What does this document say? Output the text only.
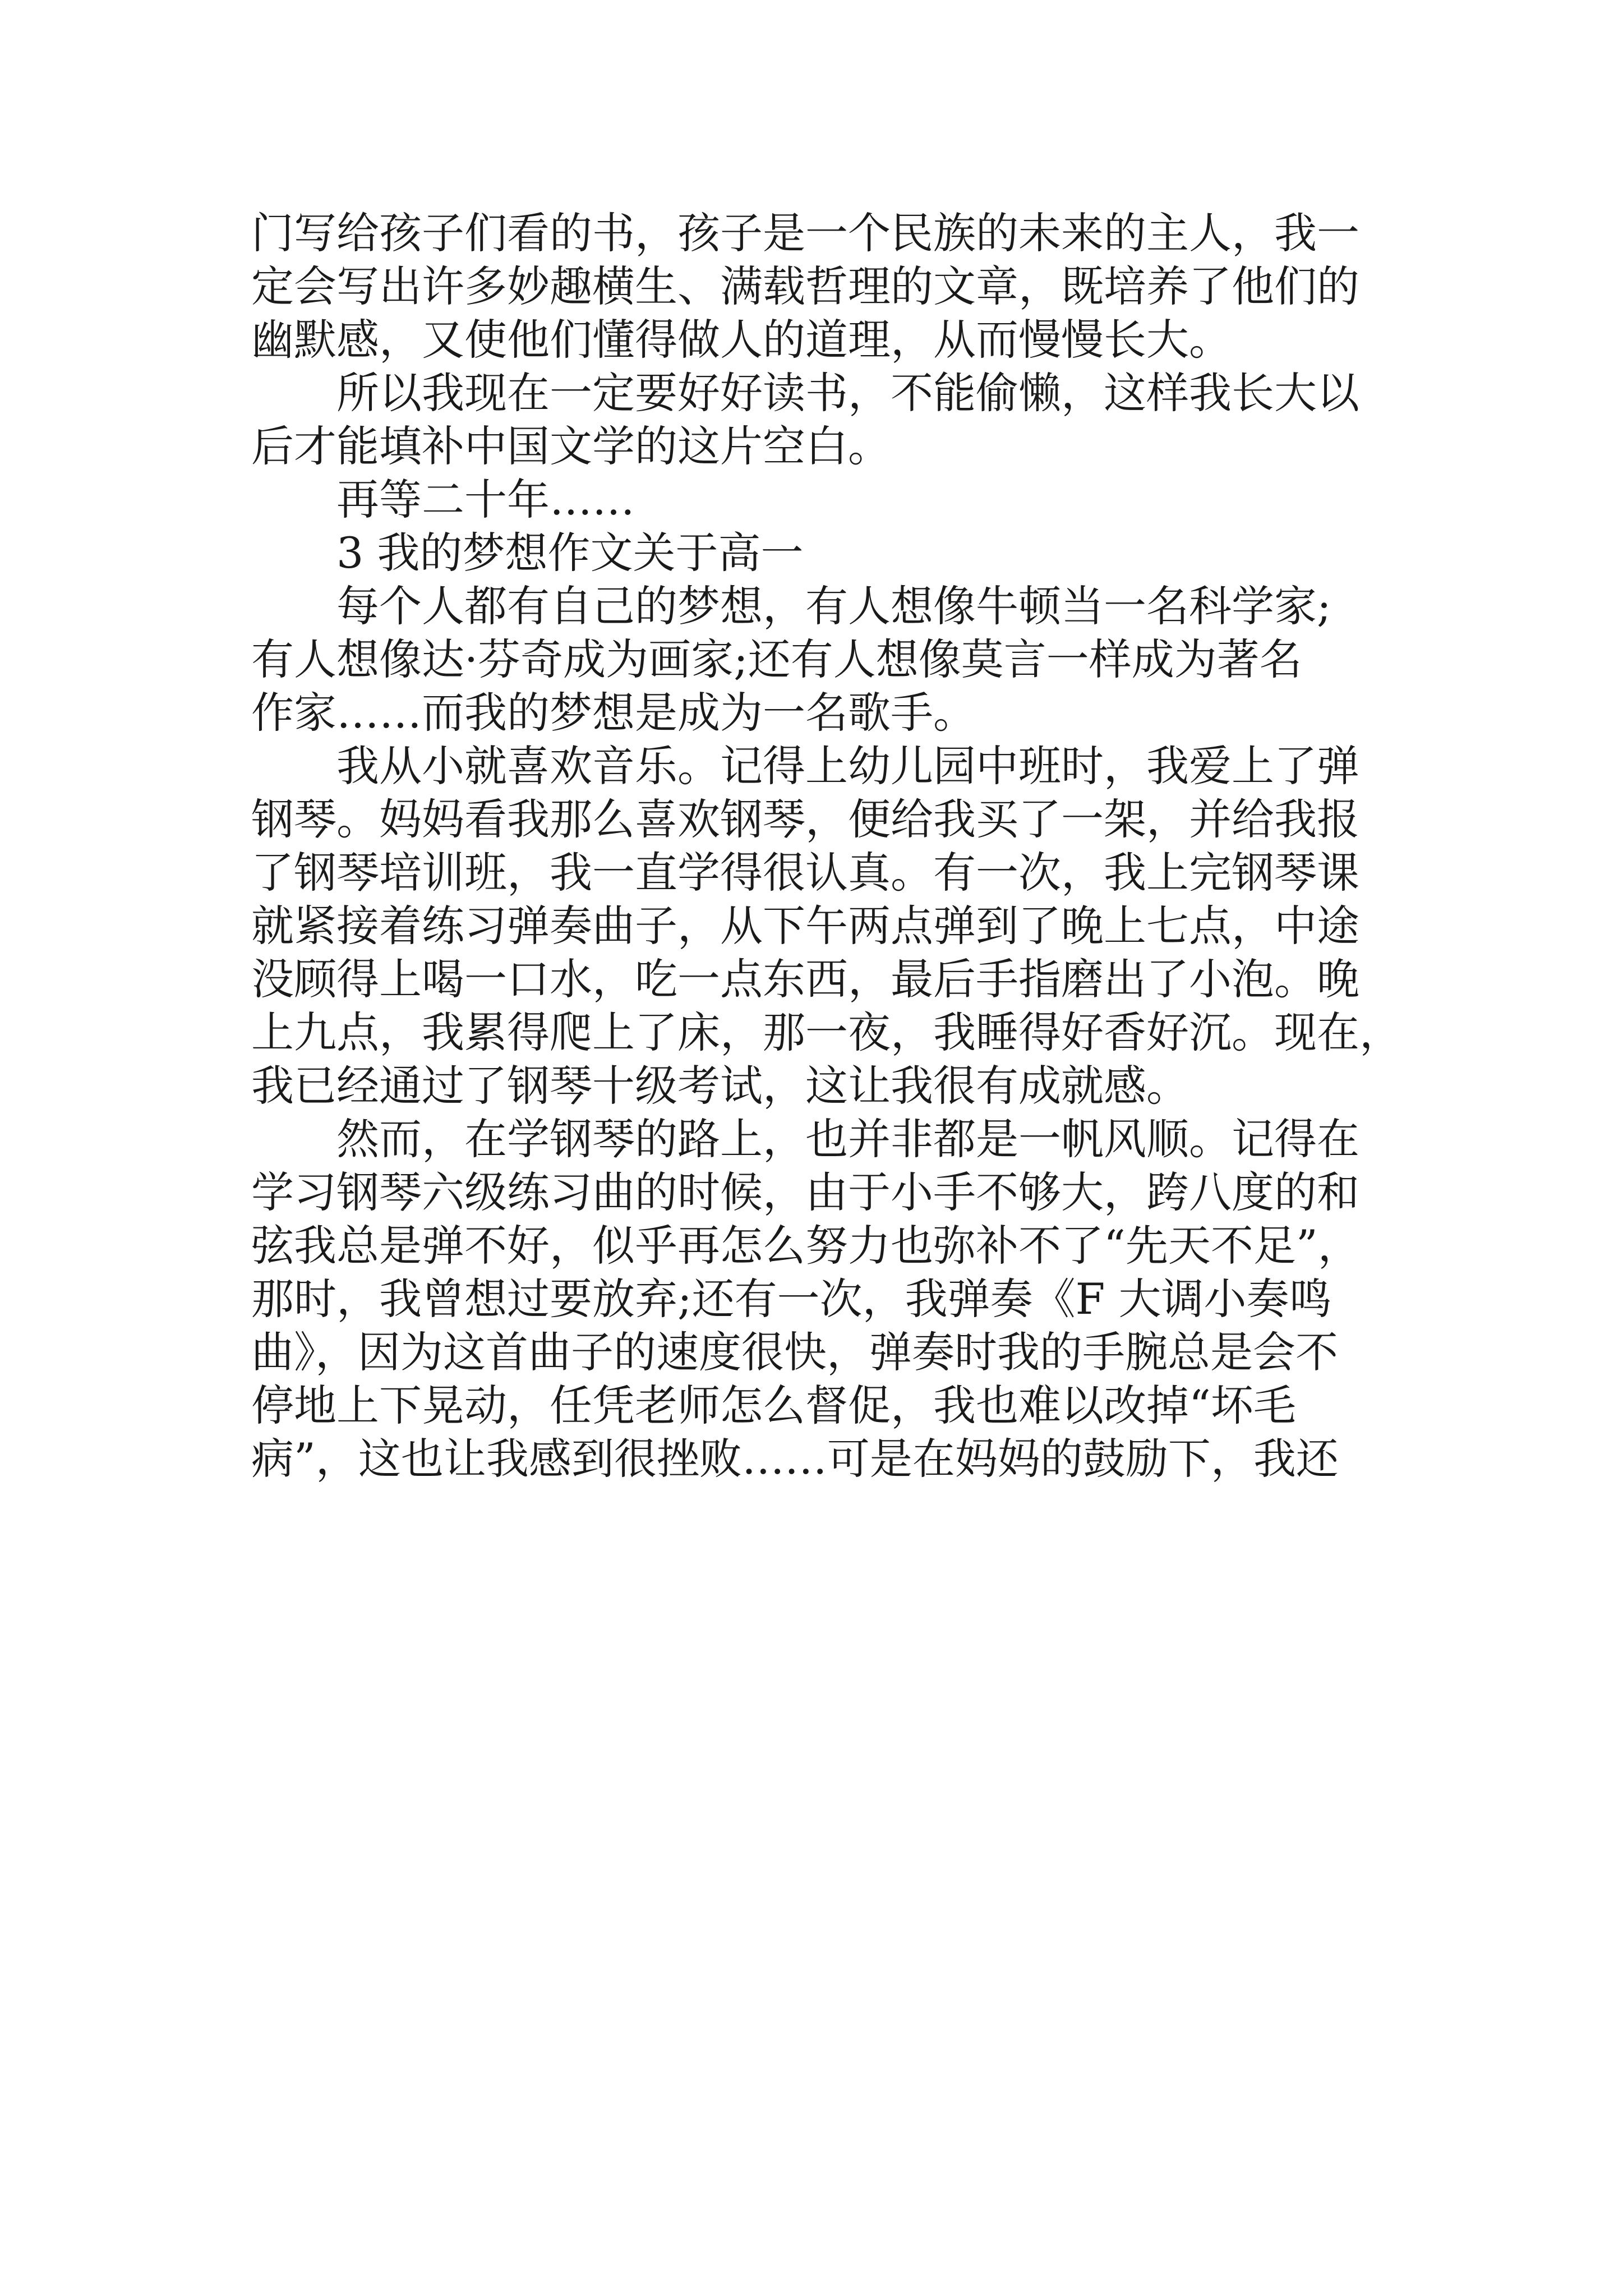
门写给孩子们看的书，孩子是一个民族的未来的主人，我一
定会写出许多妙趣横生、满载哲理的文章，既培养了他们的
幽默感，又使他们懂得做人的道理，从而慢慢长大。
所以我现在一定要好好读书，不能偷懒，这样我长大以
后才能填补中国文学的这片空白。
再等二十年……
3 我的梦想作文关于高一
每个人都有自己的梦想，有人想像牛顿当一名科学家;
有人想像达·芬奇成为画家;还有人想像莫言一样成为著名
作家……而我的梦想是成为一名歌手。
我从小就喜欢音乐。记得上幼儿园中班时，我爱上了弹
钢琴。妈妈看我那么喜欢钢琴，便给我买了一架，并给我报
了钢琴培训班，我一直学得很认真。有一次，我上完钢琴课
就紧接着练习弹奏曲子，从下午两点弹到了晚上七点，中途
没顾得上喝一口水，吃一点东西，最后手指磨出了小泡。晚
上九点，我累得爬上了床，那一夜，我睡得好香好沉。现在，
我已经通过了钢琴十级考试，这让我很有成就感。
然而，在学钢琴的路上，也并非都是一帆风顺。记得在
学习钢琴六级练习曲的时候，由于小手不够大，跨八度的和
弦我总是弹不好，似乎再怎么努力也弥补不了“先天不足”，
那时，我曾想过要放弃;还有一次，我弹奏《F 大调小奏鸣
曲》，因为这首曲子的速度很快，弹奏时我的手腕总是会不
停地上下晃动，任凭老师怎么督促，我也难以改掉“坏毛
病”，这也让我感到很挫败……可是在妈妈的鼓励下，我还
